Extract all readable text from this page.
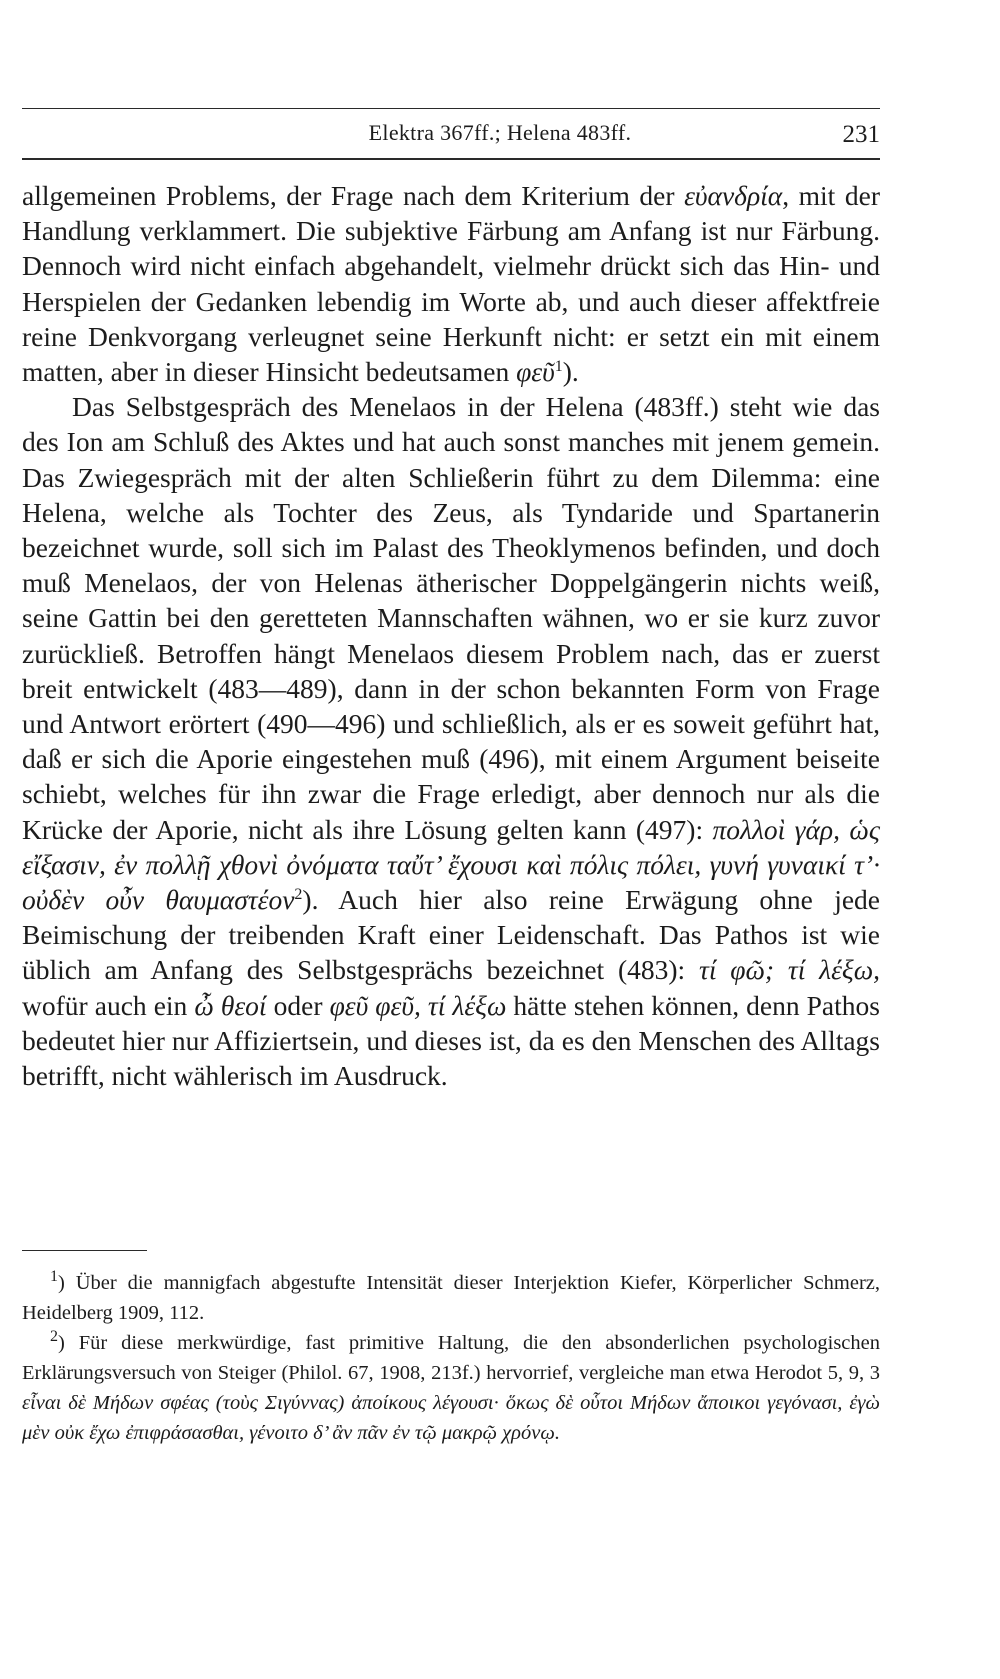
Elektra 367ff.; Helena 483ff.	231

allgemeinen Problems, der Frage nach dem Kriterium der εὐανδρία, mit der Handlung verklammert. Die subjektive Färbung am Anfang ist nur Färbung. Dennoch wird nicht einfach abgehandelt, vielmehr drückt sich das Hin- und Herspielen der Gedanken lebendig im Worte ab, und auch dieser affektfreie reine Denkvorgang verleugnet seine Herkunft nicht: er setzt ein mit einem matten, aber in dieser Hinsicht bedeutsamen φεῦ$^1$).

Das Selbstgespräch des Menelaos in der Helena (483ff.) steht wie das des Ion am Schluß des Aktes und hat auch sonst manches mit jenem gemein. Das Zwiegespräch mit der alten Schließerin führt zu dem Dilemma: eine Helena, welche als Tochter des Zeus, als Tyndaride und Spartanerin bezeichnet wurde, soll sich im Palast des Theoklymenos befinden, und doch muß Menelaos, der von Helenas ätherischer Doppelgängerin nichts weiß, seine Gattin bei den geretteten Mannschaften wähnen, wo er sie kurz zuvor zurückließ. Betroffen hängt Menelaos diesem Problem nach, das er zuerst breit entwickelt (483—489), dann in der schon bekannten Form von Frage und Antwort erörtert (490—496) und schließlich, als er es soweit geführt hat, daß er sich die Aporie eingestehen muß (496), mit einem Argument beiseite schiebt, welches für ihn zwar die Frage erledigt, aber dennoch nur als die Krücke der Aporie, nicht als ihre Lösung gelten kann (497): πολλοὶ γάρ, ὡς εἴξασιν, ἐν πολλῇ χθονὶ ὀνόματα ταὔτ’ ἔχουσι καὶ πόλις πόλει, γυνή γυναικί τ’· οὐδὲν οὖν θαυμαστέον$^2$). Auch hier also reine Erwägung ohne jede Beimischung der treibenden Kraft einer Leidenschaft. Das Pathos ist wie üblich am Anfang des Selbstgesprächs bezeichnet (483): τί φῶ; τί λέξω, wofür auch ein ὦ θεοί oder φεῦ φεῦ, τί λέξω hätte stehen können, denn Pathos bedeutet hier nur Affiziertsein, und dieses ist, da es den Menschen des Alltags betrifft, nicht wählerisch im Ausdruck.

$^1$) Über die mannigfach abgestufte Intensität dieser Interjektion Kiefer, Körperlicher Schmerz, Heidelberg 1909, 112.

$^2$) Für diese merkwürdige, fast primitive Haltung, die den absonderlichen psychologischen Erklärungsversuch von Steiger (Philol. 67, 1908, 213f.) hervorrief, vergleiche man etwa Herodot 5, 9, 3 εἶναι δὲ Μήδων σφέας (τοὺς Σιγύννας) ἀποίκους λέγουσι· ὅκως δὲ οὗτοι Μήδων ἄποικοι γεγόνασι, ἐγὼ μὲν οὐκ ἔχω ἐπιφράσασθαι, γένοιτο δ’ ἂν πᾶν ἐν τῷ μακρῷ χρόνῳ.
